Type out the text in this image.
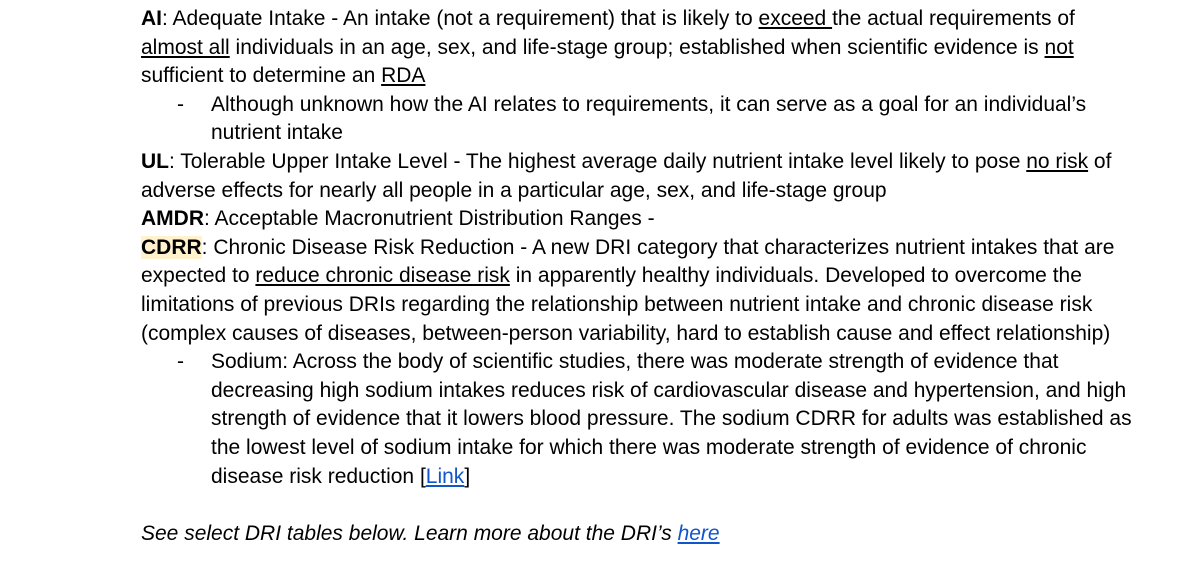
AI: Adequate Intake - An intake (not a requirement) that is likely to exceed the actual requirements of almost all individuals in an age, sex, and life-stage group; established when scientific evidence is not sufficient to determine an RDA

- Although unknown how the AI relates to requirements, it can serve as a goal for an individual’s nutrient intake

UL: Tolerable Upper Intake Level - The highest average daily nutrient intake level likely to pose no risk of adverse effects for nearly all people in a particular age, sex, and life-stage group

AMDR: Acceptable Macronutrient Distribution Ranges -

CDRR: Chronic Disease Risk Reduction - A new DRI category that characterizes nutrient intakes that are expected to reduce chronic disease risk in apparently healthy individuals. Developed to overcome the limitations of previous DRIs regarding the relationship between nutrient intake and chronic disease risk (complex causes of diseases, between-person variability, hard to establish cause and effect relationship)

- Sodium: Across the body of scientific studies, there was moderate strength of evidence that decreasing high sodium intakes reduces risk of cardiovascular disease and hypertension, and high strength of evidence that it lowers blood pressure. The sodium CDRR for adults was established as the lowest level of sodium intake for which there was moderate strength of evidence of chronic disease risk reduction [Link]

See select DRI tables below. Learn more about the DRI’s here
